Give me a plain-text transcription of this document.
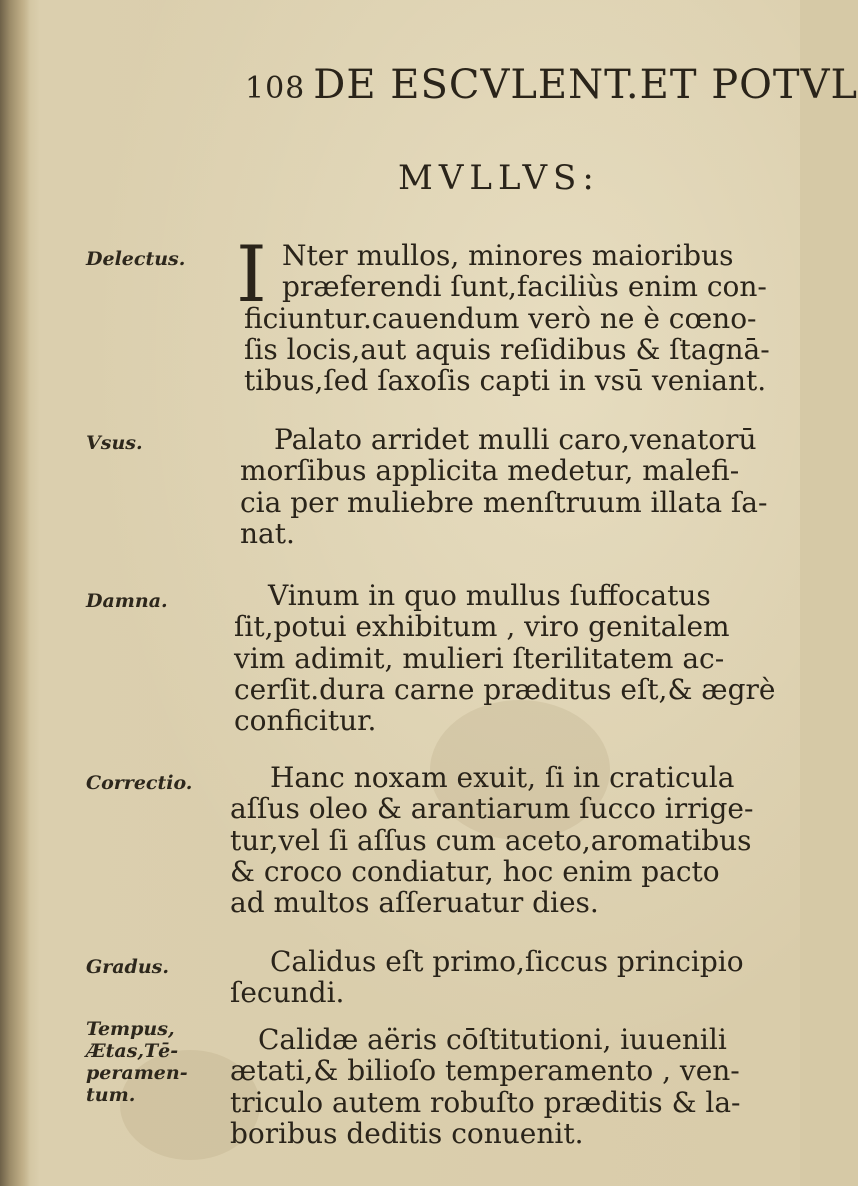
108 DE ESCVLENT.ET POTVL
MVLLVS:
Delectus.
Vsus.
Damna.
Correctio.
Gradus.
Tempus,
Ætas,Tē-
peramen-
tum.
I Nter mullos, minores maioribus
præferendi ſunt,faciliùs enim con-
ficiuntur.cauendum verò ne è cœno-
ſis locis,aut aquis reſidibus & ſtagnā-
tibus,ſed ſaxoſis capti in vsū veniant.
Palato arridet mulli caro,venatorū
morſibus applicita medetur, malefi-
cia per muliebre menſtruum illata ſa-
nat.
Vinum in quo mullus ſuffocatus
ſit,potui exhibitum , viro genitalem
vim adimit, mulieri ſterilitatem ac-
cerſit.dura carne præditus eſt,& ægrè
conficitur.
Hanc noxam exuit, ſi in craticula
aſſus oleo & arantiarum ſucco irrige-
tur,vel ſi aſſus cum aceto,aromatibus
& croco condiatur, hoc enim pacto
ad multos aſſeruatur dies.
Calidus eſt primo,ſiccus principio
ſecundi.
Calidæ aëris cōſtitutioni, iuuenili
ætati,& bilioſo temperamento , ven-
triculo autem robuſto præditis & la-
boribus deditis conuenit.
